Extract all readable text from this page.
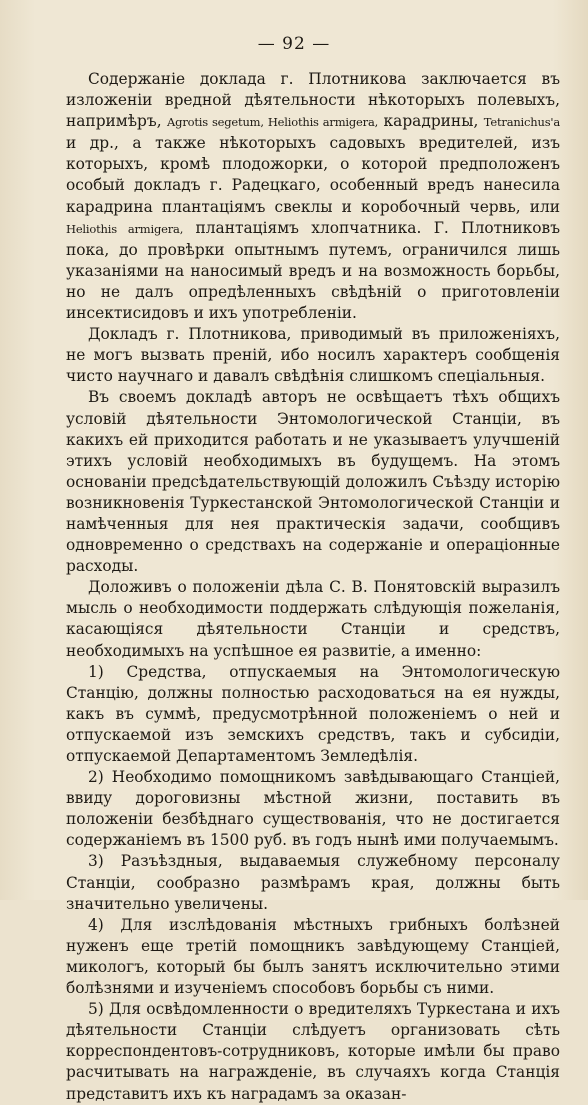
— 92 —

Содержаніе доклада г. Плотникова заключается въ изложеніи вредной дѣятельности нѣкоторыхъ полевыхъ, напримѣръ, Agrotis segetum, Heliothis armigera, карадрины, Tetranichus'a и др., а также нѣкоторыхъ садовыхъ вредителей, изъ которыхъ, кромѣ плодожорки, о которой предположенъ особый докладъ г. Радецкаго, особенный вредъ нанесила карадрина плантаціямъ свеклы и коробочный червь, или Heliothis armigera, плантаціямъ хлопчатника. Г. Плотниковъ пока, до провѣрки опытнымъ путемъ, ограничился лишь указаніями на наносимый вредъ и на возможность борьбы, но не далъ опредѣленныхъ свѣдѣній о приготовленіи инсектисидовъ и ихъ употребленіи.

Докладъ г. Плотникова, приводимый въ приложеніяхъ, не могъ вызвать преній, ибо носилъ характеръ сообщенія чисто научнаго и давалъ свѣдѣнія слишкомъ спеціальныя.

Въ своемъ докладѣ авторъ не освѣщаетъ тѣхъ общихъ условій дѣятельности Энтомологической Станціи, въ какихъ ей приходится работать и не указываетъ улучшеній этихъ условій необходимыхъ въ будущемъ. На этомъ основаніи предсѣдательствующій доложилъ Съѣзду исторію возникновенія Туркестанской Энтомологической Станціи и намѣченныя для нея практическія задачи, сообщивъ одновременно о средствахъ на содержаніе и операціонные расходы.

Доложивъ о положеніи дѣла С. В. Понятовскій выразилъ мысль о необходимости поддержать слѣдующія пожеланія, касающіяся дѣятельности Станціи и средствъ, необходимыхъ на успѣшное ея развитіе, а именно:

1) Средства, отпускаемыя на Энтомологическую Станцію, должны полностью расходоваться на ея нужды, какъ въ суммѣ, предусмотрѣнной положеніемъ о ней и отпускаемой изъ земскихъ средствъ, такъ и субсидіи, отпускаемой Департаментомъ Земледѣлія.

2) Необходимо помощникомъ завѣдывающаго Станціей, ввиду дороговизны мѣстной жизни, поставить въ положеніи безбѣднаго существованія, что не достигается содержаніемъ въ 1500 руб. въ годъ нынѣ ими получаемымъ.

3) Разъѣздныя, выдаваемыя служебному персоналу Станціи, сообразно размѣрамъ края, должны быть значительно увеличены.

4) Для изслѣдованія мѣстныхъ грибныхъ болѣзней нуженъ еще третій помощникъ завѣдующему Станціей, микологъ, который бы былъ занятъ исключительно этими болѣзнями и изученіемъ способовъ борьбы съ ними.

5) Для освѣдомленности о вредителяхъ Туркестана и ихъ дѣятельности Станціи слѣдуетъ организовать сѣть корреспондентовъ-сотрудниковъ, которые имѣли бы право расчитывать на награжденіе, въ случаяхъ когда Станція представитъ ихъ къ наградамъ за оказан-
